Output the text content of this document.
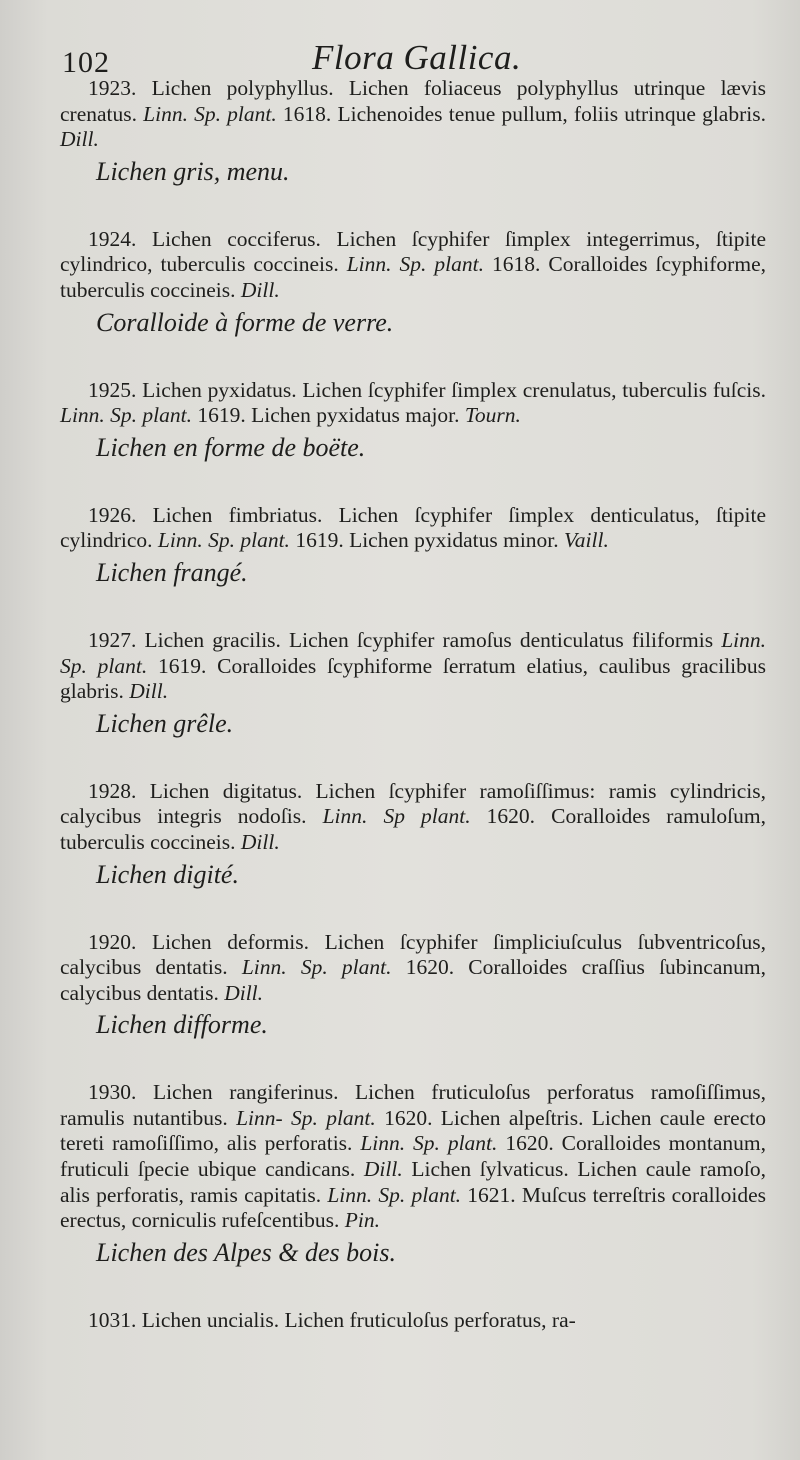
102	Flora Gallica.

1923. Lichen polyphyllus. Lichen foliaceus polyphyllus utrinque lævis crenatus. Linn. Sp. plant. 1618. Lichenoides tenue pullum, foliis utrinque glabris. Dill.

Lichen gris, menu.

1924. Lichen cocciferus. Lichen ſcyphifer ſimplex integerrimus, ſtipite cylindrico, tuberculis coccineis. Linn. Sp. plant. 1618. Coralloides ſcyphiforme, tuberculis coccineis. Dill.

Coralloide à forme de verre.

1925. Lichen pyxidatus. Lichen ſcyphifer ſimplex crenulatus, tuberculis fuſcis. Linn. Sp. plant. 1619. Lichen pyxidatus major. Tourn.

Lichen en forme de boëte.

1926. Lichen fimbriatus. Lichen ſcyphifer ſimplex denticulatus, ſtipite cylindrico. Linn. Sp. plant. 1619. Lichen pyxidatus minor. Vaill.

Lichen frangé.

1927. Lichen gracilis. Lichen ſcyphifer ramoſus denticulatus filiformis Linn. Sp. plant. 1619. Coralloides ſcyphiforme ſerratum elatius, caulibus gracilibus glabris. Dill.

Lichen grêle.

1928. Lichen digitatus. Lichen ſcyphifer ramoſiſſimus: ramis cylindricis, calycibus integris nodoſis. Linn. Sp plant. 1620. Coralloides ramuloſum, tuberculis coccineis. Dill.

Lichen digité.

1920. Lichen deformis. Lichen ſcyphifer ſimpliciuſculus ſubventricoſus, calycibus dentatis. Linn. Sp. plant. 1620. Coralloides craſſius ſubincanum, calycibus dentatis. Dill.

Lichen difforme.

1930. Lichen rangiferinus. Lichen fruticuloſus perforatus ramoſiſſimus, ramulis nutantibus. Linn- Sp. plant. 1620. Lichen alpeſtris. Lichen caule erecto tereti ramoſiſſimo, alis perforatis. Linn. Sp. plant. 1620. Coralloides montanum, fruticuli ſpecie ubique candicans. Dill. Lichen ſylvaticus. Lichen caule ramoſo, alis perforatis, ramis capitatis. Linn. Sp. plant. 1621. Muſcus terreſtris coralloides erectus, corniculis rufeſcentibus. Pin.

Lichen des Alpes & des bois.

1031. Lichen uncialis. Lichen fruticuloſus perforatus, ra-
